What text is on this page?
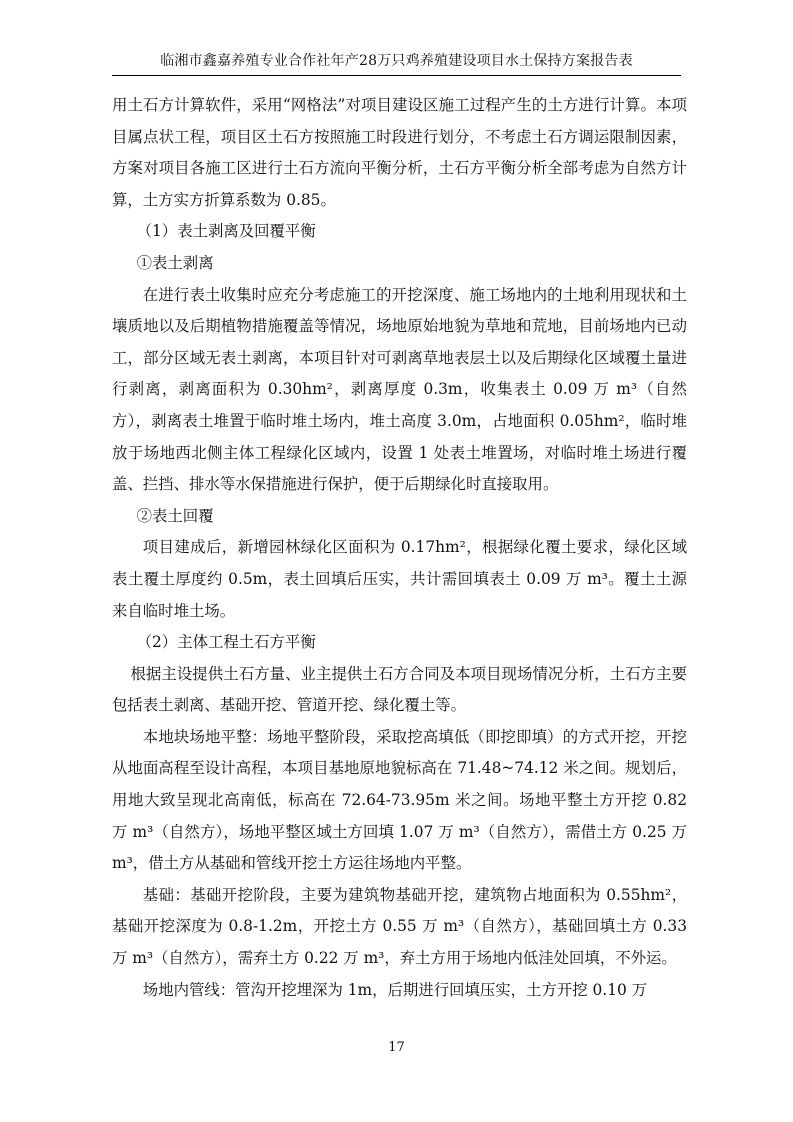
临湘市鑫嘉养殖专业合作社年产28万只鸡养殖建设项目水土保持方案报告表

用土石方计算软件，采用“网格法”对项目建设区施工过程产生的土方进行计算。本项目属点状工程，项目区土石方按照施工时段进行划分，不考虑土石方调运限制因素，方案对项目各施工区进行土石方流向平衡分析，土石方平衡分析全部考虑为自然方计算，土方实方折算系数为 0.85。

（1）表土剥离及回覆平衡

①表土剥离

在进行表土收集时应充分考虑施工的开挖深度、施工场地内的土地利用现状和土壤质地以及后期植物措施覆盖等情况，场地原始地貌为草地和荒地，目前场地内已动工，部分区域无表土剥离，本项目针对可剥离草地表层土以及后期绿化区域覆土量进行剥离，剥离面积为 0.30hm²，剥离厚度 0.3m，收集表土 0.09 万 m³（自然方），剥离表土堆置于临时堆土场内，堆土高度 3.0m，占地面积 0.05hm²，临时堆放于场地西北侧主体工程绿化区域内，设置 1 处表土堆置场，对临时堆土场进行覆盖、拦挡、排水等水保措施进行保护，便于后期绿化时直接取用。

②表土回覆

项目建成后，新增园林绿化区面积为 0.17hm²，根据绿化覆土要求，绿化区域表土覆土厚度约 0.5m，表土回填后压实，共计需回填表土 0.09 万 m³。覆土土源来自临时堆土场。

（2）主体工程土石方平衡

根据主设提供土石方量、业主提供土石方合同及本项目现场情况分析，土石方主要包括表土剥离、基础开挖、管道开挖、绿化覆土等。

本地块场地平整：场地平整阶段，采取挖高填低（即挖即填）的方式开挖，开挖从地面高程至设计高程，本项目基地原地貌标高在 71.48~74.12 米之间。规划后，用地大致呈现北高南低，标高在 72.64-73.95m 米之间。场地平整土方开挖 0.82 万 m³（自然方），场地平整区域土方回填 1.07 万 m³（自然方），需借土方 0.25 万 m³，借土方从基础和管线开挖土方运往场地内平整。

基础：基础开挖阶段，主要为建筑物基础开挖，建筑物占地面积为 0.55hm²，基础开挖深度为 0.8-1.2m，开挖土方 0.55 万 m³（自然方），基础回填土方 0.33 万 m³（自然方），需弃土方 0.22 万 m³，弃土方用于场地内低洼处回填，不外运。

场地内管线：管沟开挖埋深为 1m，后期进行回填压实，土方开挖 0.10 万

17
